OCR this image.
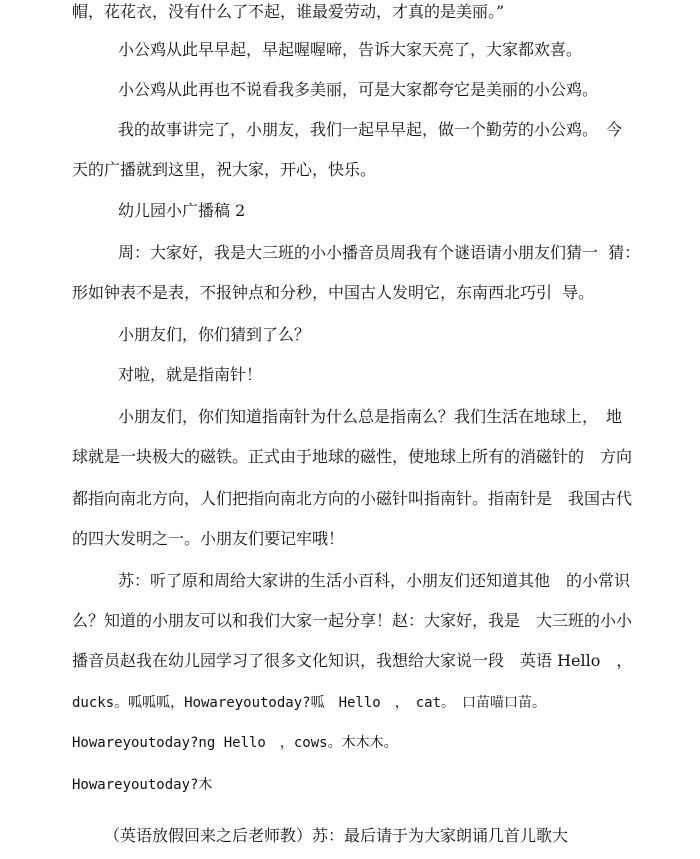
帽，花花衣，没有什么了不起，谁最爱劳动，才真的是美丽。”
小公鸡从此早早起，早起喔喔啼，告诉大家天亮了，大家都欢喜。
小公鸡从此再也不说看我多美丽，可是大家都夸它是美丽的小公鸡。
我的故事讲完了，小朋友，我们一起早早起，做一个勤劳的小公鸡。　今
天的广播就到这里，祝大家，开心，快乐。
幼儿园小广播稿 2
周：大家好，我是大三班的小小播音员周我有个谜语请小朋友们猜一  猜：
形如钟表不是表，不报钟点和分秒，中国古人发明它，东南西北巧引  导。
小朋友们，你们猜到了么？
对啦，就是指南针！
小朋友们，你们知道指南针为什么总是指南么？我们生活在地球上，　地
球就是一块极大的磁铁。正式由于地球的磁性，使地球上所有的消磁针的　方向
都指向南北方向，人们把指向南北方向的小磁针叫指南针。指南针是　我国古代
的四大发明之一。小朋友们要记牢哦！
苏：听了原和周给大家讲的生活小百科，小朋友们还知道其他　的小常识
么？知道的小朋友可以和我们大家一起分享！赵：大家好，我是　大三班的小小
播音员赵我在幼儿园学习了很多文化知识，我想给大家说一段　英语 Hello　，
ducks。呱呱呱，Howareyoutoday?呱　Hello　，　cat。　口苗喵口苗。
Howareyoutoday?ng Hello　，cows。木木木。
Howareyoutoday?木
（英语放假回来之后老师教）苏：最后请于为大家朗诵几首儿歌大
